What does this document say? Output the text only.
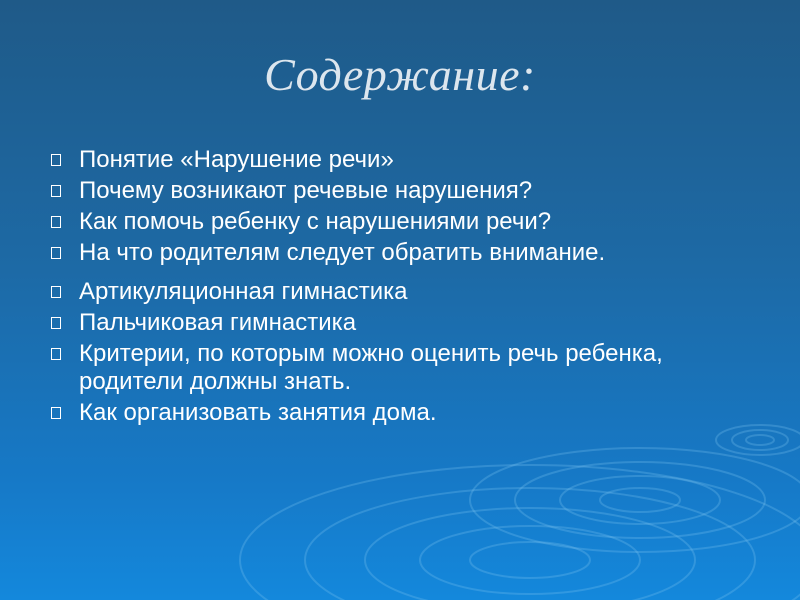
Содержание:
Понятие «Нарушение речи»
Почему возникают речевые нарушения?
Как помочь ребенку с нарушениями речи?
На что родителям следует обратить внимание.
Артикуляционная гимнастика
Пальчиковая гимнастика
Критерии, по которым можно оценить речь ребенка, родители должны знать.
Как организовать занятия дома.
